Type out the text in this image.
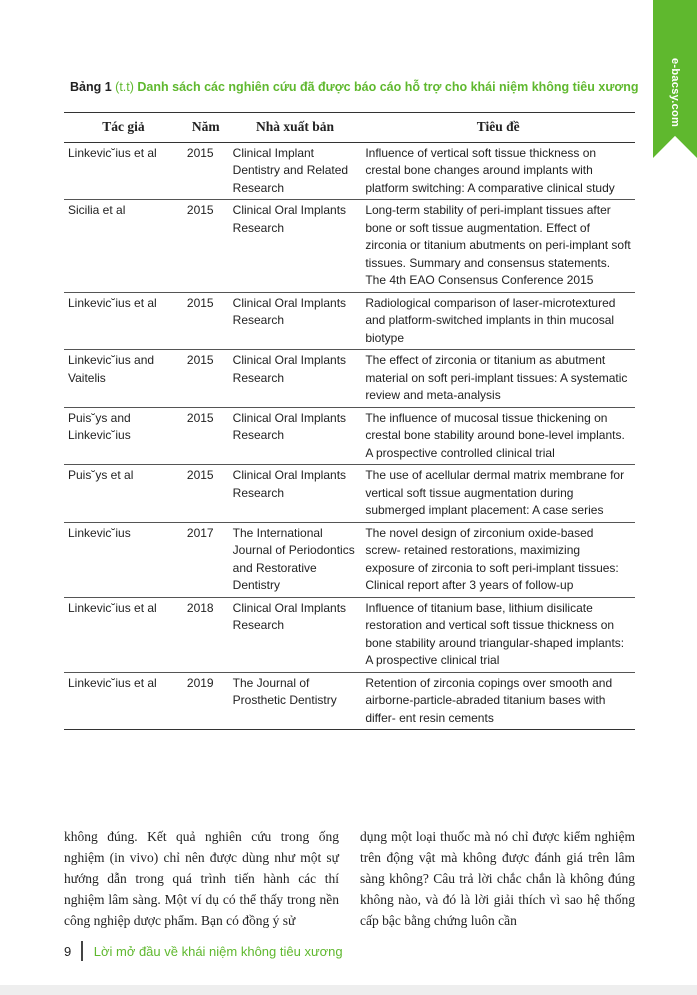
e-bacsy.com
Bảng 1 (t.t) Danh sách các nghiên cứu đã được báo cáo hỗ trợ cho khái niệm không tiêu xương
Tác giả	Năm	Nhà xuất bản	Tiêu đề
Linkevic˘ius et al	2015	Clinical Implant Dentistry and Related Research	Influence of vertical soft tissue thickness on crestal bone changes around implants with platform switching: A comparative clinical study
Sicilia et al	2015	Clinical Oral Implants Research	Long-term stability of peri-implant tissues after bone or soft tissue augmentation. Effect of zirconia or titanium abutments on peri-implant soft tissues. Summary and consensus statements. The 4th EAO Consensus Conference 2015
Linkevic˘ius et al	2015	Clinical Oral Implants Research	Radiological comparison of laser-microtextured and platform-switched implants in thin mucosal biotype
Linkevic˘ius and Vaitelis	2015	Clinical Oral Implants Research	The effect of zirconia or titanium as abutment material on soft peri-implant tissues: A systematic review and meta-analysis
Puis˘ys and Linkevic˘ius	2015	Clinical Oral Implants Research	The influence of mucosal tissue thickening on crestal bone stability around bone-level implants. A prospective controlled clinical trial
Puis˘ys et al	2015	Clinical Oral Implants Research	The use of acellular dermal matrix membrane for vertical soft tissue augmentation during submerged implant placement: A case series
Linkevic˘ius	2017	The International Journal of Periodontics and Restorative Dentistry	The novel design of zirconium oxide-based screw- retained restorations, maximizing exposure of zirconia to soft peri-implant tissues: Clinical report after 3 years of follow-up
Linkevic˘ius et al	2018	Clinical Oral Implants Research	Influence of titanium base, lithium disilicate restoration and vertical soft tissue thickness on bone stability around triangular-shaped implants: A prospective clinical trial
Linkevic˘ius et al	2019	The Journal of Prosthetic Dentistry	Retention of zirconia copings over smooth and airborne-particle-abraded titanium bases with differ- ent resin cements
không đúng. Kết quả nghiên cứu trong ống nghiệm (in vivo) chỉ nên được dùng như một sự hướng dẫn trong quá trình tiến hành các thí nghiệm lâm sàng. Một ví dụ có thể thấy trong nền công nghiệp dược phẩm. Bạn có đồng ý sử
dụng một loại thuốc mà nó chỉ được kiểm nghiệm trên động vật mà không được đánh giá trên lâm sàng không? Câu trả lời chắc chắn là không đúng không nào, và đó là lời giải thích vì sao hệ thống cấp bậc bằng chứng luôn cần
9 Lời mở đầu về khái niệm không tiêu xương
